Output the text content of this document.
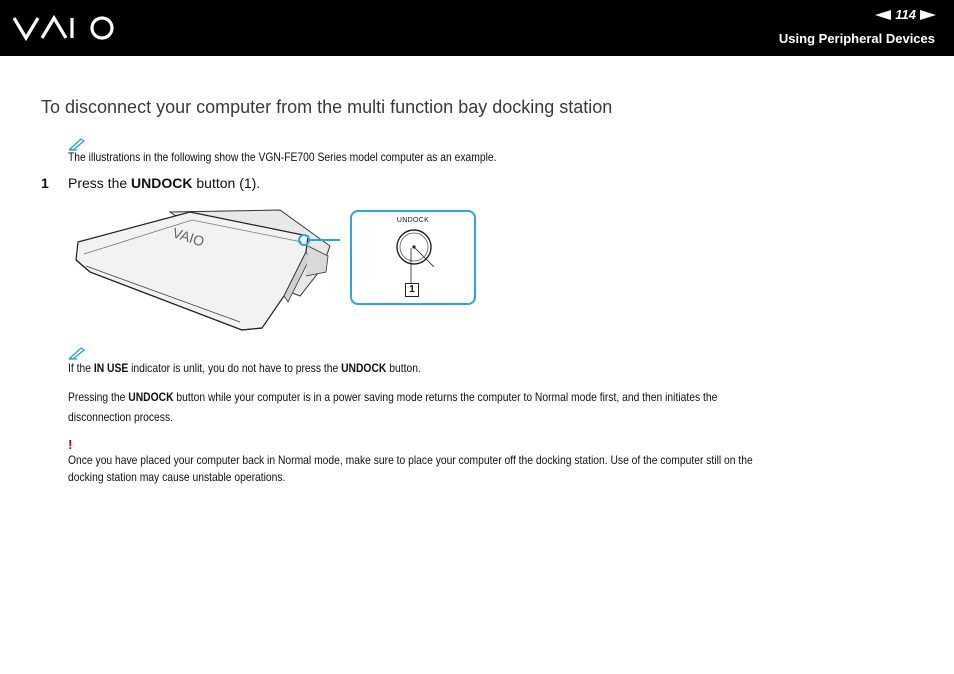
114
Using Peripheral Devices
To disconnect your computer from the multi function bay docking station
The illustrations in the following show the VGN-FE700 Series model computer as an example.
1 Press the UNDOCK button (1).
VAIO
UNDOCK
1
If the IN USE indicator is unlit, you do not have to press the UNDOCK button.
Pressing the UNDOCK button while your computer is in a power saving mode returns the computer to Normal mode first, and then initiates the
disconnection process.
!
Once you have placed your computer back in Normal mode, make sure to place your computer off the docking station. Use of the computer still on the
docking station may cause unstable operations.
